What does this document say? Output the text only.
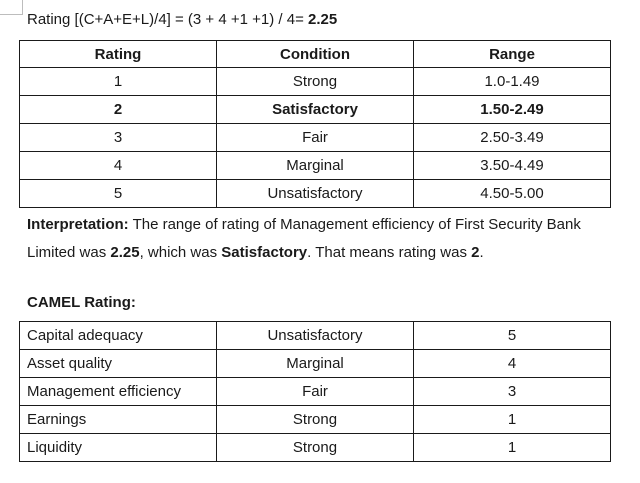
Rating [(C+A+E+L)/4] = (3 + 4 +1 +1) / 4= 2.25
Rating	Condition	Range
1	Strong	1.0-1.49
2	Satisfactory	1.50-2.49
3	Fair	2.50-3.49
4	Marginal	3.50-4.49
5	Unsatisfactory	4.50-5.00
Interpretation: The range of rating of Management efficiency of First Security Bank
Limited was 2.25, which was Satisfactory. That means rating was 2.
CAMEL Rating:
Capital adequacy	Unsatisfactory	5
Asset quality	Marginal	4
Management efficiency	Fair	3
Earnings	Strong	1
Liquidity	Strong	1
